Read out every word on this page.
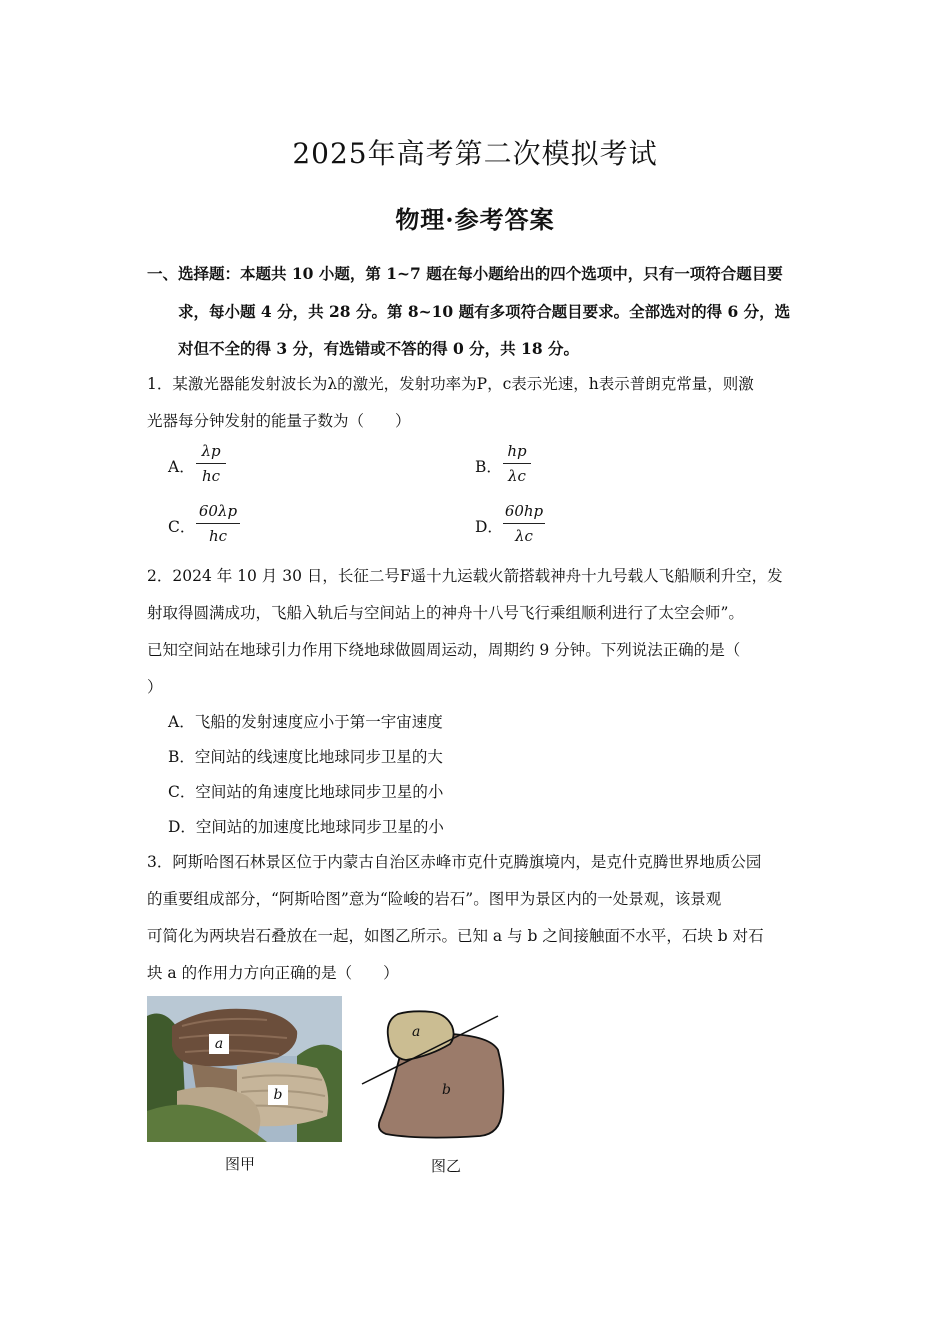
2025年高考第二次模拟考试
物理·参考答案
一、选择题：本题共 10 小题，第 1~7 题在每小题给出的四个选项中，只有一项符合题目要
求，每小题 4 分，共 28 分。第 8~10 题有多项符合题目要求。全部选对的得 6 分，选
对但不全的得 3 分，有选错或不答的得 0 分，共 18 分。
1．某激光器能发射波长为λ的激光，发射功率为P，c表示光速，h表示普朗克常量，则激
光器每分钟发射的能量子数为（　　）
A．
λp
hc	B．
hp
λc
C．
60λp
hc	D．
60hp
λc
2．2024 年 10 月 30 日，长征二号F遥十九运载火箭搭载神舟十九号载人飞船顺利升空，发
射取得圆满成功，飞船入轨后与空间站上的神舟十八号飞行乘组顺利进行了太空会师”。
已知空间站在地球引力作用下绕地球做圆周运动，周期约 9 分钟。下列说法正确的是（
）
A．飞船的发射速度应小于第一宇宙速度
B．空间站的线速度比地球同步卫星的大
C．空间站的角速度比地球同步卫星的小
D．空间站的加速度比地球同步卫星的小
3．阿斯哈图石林景区位于内蒙古自治区赤峰市克什克腾旗境内，是克什克腾世界地质公园
的重要组成部分，“阿斯哈图”意为“险峻的岩石”。图甲为景区内的一处景观，该景观
可简化为两块岩石叠放在一起，如图乙所示。已知 a 与 b 之间接触面不水平，石块 b 对石
块 a 的作用力方向正确的是（　　）
a
b
a
b
图甲	图乙
